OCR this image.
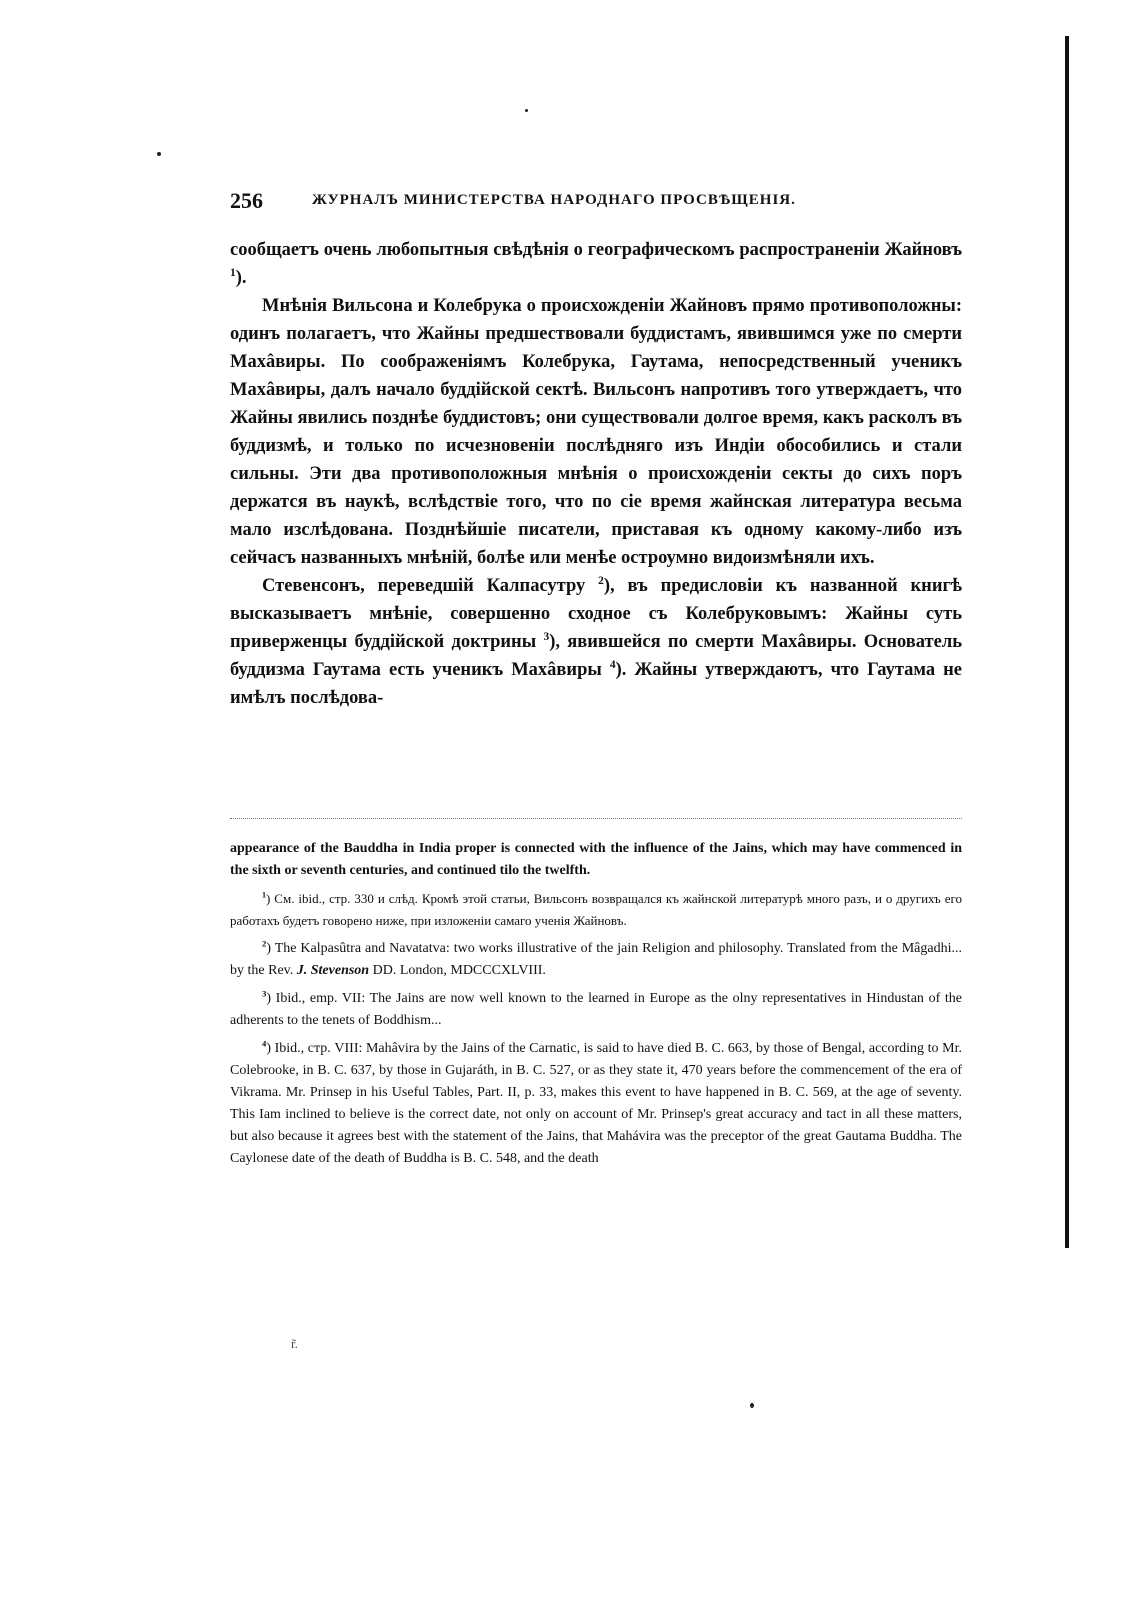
256	ЖУРНАЛЪ МИНИСТЕРСТВА НАРОДНАГО ПРОСВѢЩЕНІЯ.

сообщаетъ очень любопытныя свѣдѣнія о географическомъ распространеніи Жайновъ $^1$).

Мнѣнія Вильсона и Колебрука о происхожденіи Жайновъ прямо противоположны: одинъ полагаетъ, что Жайны предшествовали буддистамъ, явившимся уже по смерти Махâвиры. По соображеніямъ Колебрука, Гаутама, непосредственный ученикъ Махâвиры, далъ начало буддійской сектѣ. Вильсонъ напротивъ того утверждаетъ, что Жайны явились позднѣе буддистовъ; они существовали долгое время, какъ расколъ въ буддизмѣ, и только по исчезновеніи послѣдняго изъ Индіи обособились и стали сильны. Эти два противоположныя мнѣнія о происхожденіи секты до сихъ поръ держатся въ наукѣ, вслѣдствіе того, что по сіе время жайнская литература весьма мало изслѣдована. Позднѣйшіе писатели, приставая къ одному какому-либо изъ сейчасъ названныхъ мнѣній, болѣе или менѣе остроумно видоизмѣняли ихъ.

Стевенсонъ, переведшій Калпасутру $^2$), въ предисловіи къ названной книгѣ высказываетъ мнѣніе, совершенно сходное съ Колебруковымъ: Жайны суть приверженцы буддійской доктрины $^3$), явившейся по смерти Махâвиры. Основатель буддизма Гаутама есть ученикъ Махâвиры $^4$). Жайны утверждаютъ, что Гаутама не имѣлъ послѣдова-

appearance of the Bauddha in India proper is connected with the influence of the Jains, which may have commenced in the sixth or seventh centuries, and continued tilo the twelfth.

$^1$) См. ibid., стр. 330 и слѣд. Кромѣ этой статьи, Вильсонъ возвращался къ жайнской литературѣ много разъ, и о другихъ его работахъ будетъ говорено ниже, при изложеніи самаго ученія Жайновъ.

$^2$) The Kalpasûtra and Navatatva: two works illustrative of the jain Religion and philosophy. Translated from the Mâgadhi... by the Rev. J. Stevenson DD. London, MDCCCXLVIII.

$^3$) Ibid., emp. VII: The Jains are now well known to the learned in Europe as the olny representatives in Hindustan of the adherents to the tenets of Boddhism...

$^4$) Ibid., стр. VIII: Mahâvira by the Jains of the Carnatic, is said to have died B. C. 663, by those of Bengal, according to Mr. Colebrooke, in B. C. 637, by those in Gujaráth, in B. C. 527, or as they state it, 470 years before the commencement of the era of Vikrama. Mr. Prinsep in his Useful Tables, Part. II, p. 33, makes this event to have happened in B. C. 569, at the age of seventy. This Iam inclined to believe is the correct date, not only on account of Mr. Prinsep's great accuracy and tact in all these matters, but also because it agrees best with the statement of the Jains, that Mahávira was the preceptor of the great Gautama Buddha. The Caylonese date of the death of Buddha is B. C. 548, and the death

r̃.
